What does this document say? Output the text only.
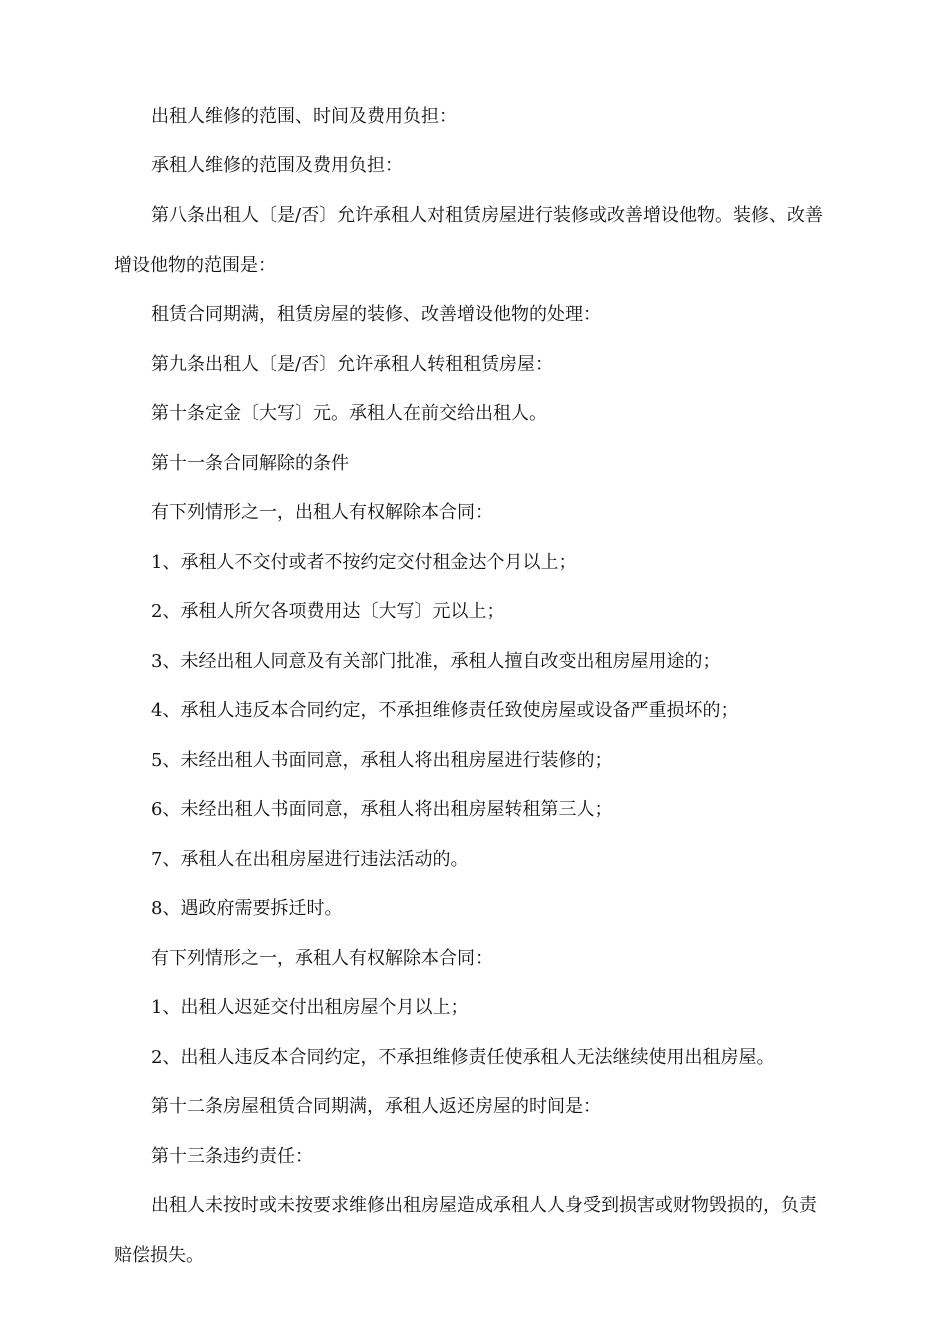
出租人维修的范围、时间及费用负担：

承租人维修的范围及费用负担：

第八条出租人〔是/否〕允许承租人对租赁房屋进行装修或改善增设他物。装修、改善增设他物的范围是：

租赁合同期满，租赁房屋的装修、改善增设他物的处理：

第九条出租人〔是/否〕允许承租人转租租赁房屋：

第十条定金〔大写〕元。承租人在前交给出租人。

第十一条合同解除的条件

有下列情形之一，出租人有权解除本合同：

1、承租人不交付或者不按约定交付租金达个月以上；

2、承租人所欠各项费用达〔大写〕元以上；

3、未经出租人同意及有关部门批准，承租人擅自改变出租房屋用途的；

4、承租人违反本合同约定，不承担维修责任致使房屋或设备严重损坏的；

5、未经出租人书面同意，承租人将出租房屋进行装修的；

6、未经出租人书面同意，承租人将出租房屋转租第三人；

7、承租人在出租房屋进行违法活动的。

8、遇政府需要拆迁时。

有下列情形之一，承租人有权解除本合同：

1、出租人迟延交付出租房屋个月以上；

2、出租人违反本合同约定，不承担维修责任使承租人无法继续使用出租房屋。

第十二条房屋租赁合同期满，承租人返还房屋的时间是：

第十三条违约责任：

出租人未按时或未按要求维修出租房屋造成承租人人身受到损害或财物毁损的，负责赔偿损失。
